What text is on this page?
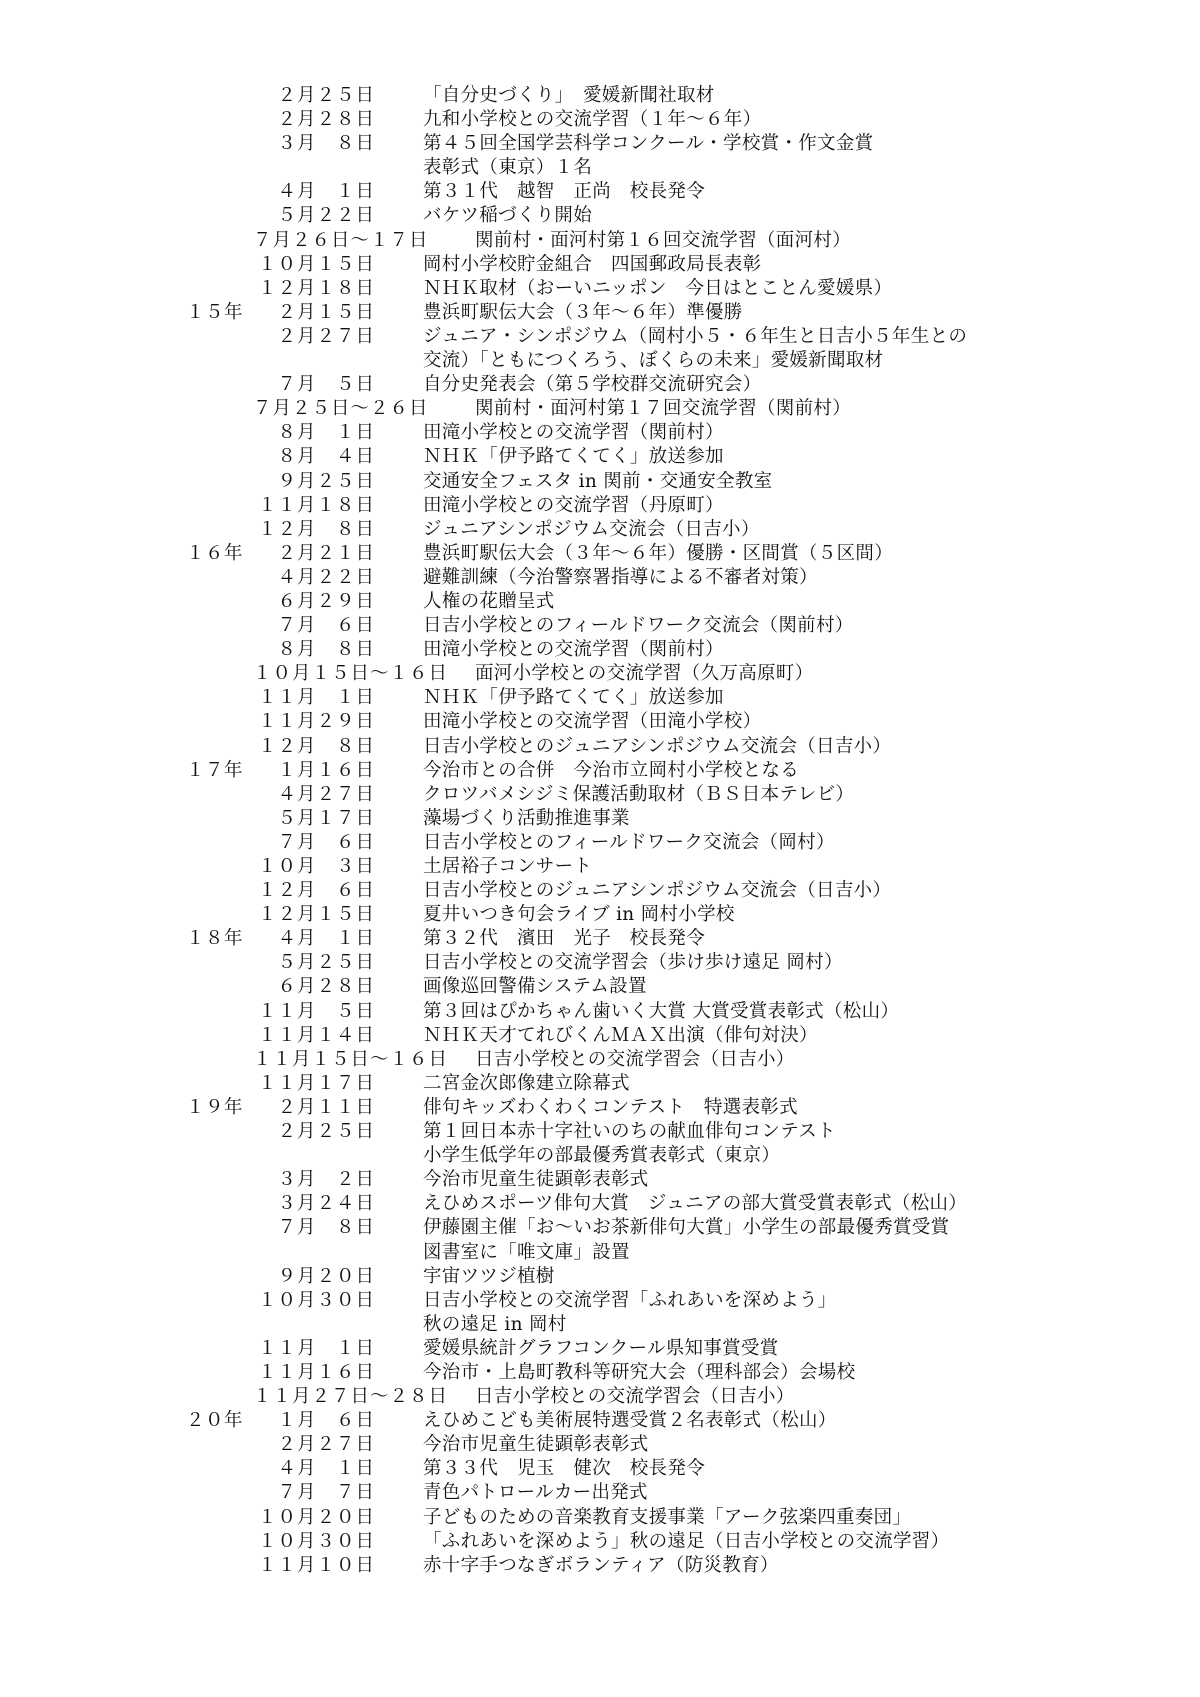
２月２５日	「自分史づくり」　愛媛新聞社取材
２月２８日	九和小学校との交流学習（１年～６年）
３月　８日	第４５回全国学芸科学コンクール・学校賞・作文金賞
表彰式（東京）１名
４月　１日	第３１代　越智　正尚　校長発令
５月２２日	バケツ稲づくり開始
７月２６日～１７日	関前村・面河村第１６回交流学習（面河村）
１０月１５日	岡村小学校貯金組合　四国郵政局長表彰
１２月１８日	ＮＨＫ取材（おーいニッポン　今日はとことん愛媛県）
１５年	２月１５日	豊浜町駅伝大会（３年～６年）準優勝
２月２７日	ジュニア・シンポジウム（岡村小５・６年生と日吉小５年生との
交流）「ともにつくろう、ぼくらの未来」愛媛新聞取材
７月　５日	自分史発表会（第５学校群交流研究会）
７月２５日～２６日	関前村・面河村第１７回交流学習（関前村）
８月　１日	田滝小学校との交流学習（関前村）
８月　４日	ＮＨＫ「伊予路てくてく」放送参加
９月２５日	交通安全フェスタ in 関前・交通安全教室
１１月１８日	田滝小学校との交流学習（丹原町）
１２月　８日	ジュニアシンポジウム交流会（日吉小）
１６年	２月２１日	豊浜町駅伝大会（３年～６年）優勝・区間賞（５区間）
４月２２日	避難訓練（今治警察署指導による不審者対策）
６月２９日	人権の花贈呈式
７月　６日	日吉小学校とのフィールドワーク交流会（関前村）
８月　８日	田滝小学校との交流学習（関前村）
１０月１５日～１６日 面河小学校との交流学習（久万高原町）
１１月　１日	ＮＨＫ「伊予路てくてく」放送参加
１１月２９日	田滝小学校との交流学習（田滝小学校）
１２月　８日	日吉小学校とのジュニアシンポジウム交流会（日吉小）
１７年	１月１６日	今治市との合併　今治市立岡村小学校となる
４月２７日	クロツバメシジミ保護活動取材（ＢＳ日本テレビ）
５月１７日	藻場づくり活動推進事業
７月　６日	日吉小学校とのフィールドワーク交流会（岡村）
１０月　３日	土居裕子コンサート
１２月　６日	日吉小学校とのジュニアシンポジウム交流会（日吉小）
１２月１５日	夏井いつき句会ライブ in 岡村小学校
１８年	４月　１日	第３２代　濱田　光子　校長発令
５月２５日	日吉小学校との交流学習会（歩け歩け遠足 岡村）
６月２８日	画像巡回警備システム設置
１１月　５日	第３回はぴかちゃん歯いく大賞 大賞受賞表彰式（松山）
１１月１４日	ＮＨＫ天才てれびくんＭＡＸ出演（俳句対決）
１１月１５日～１６日 日吉小学校との交流学習会（日吉小）
１１月１７日	二宮金次郎像建立除幕式
１９年	２月１１日	俳句キッズわくわくコンテスト　特選表彰式
２月２５日	第１回日本赤十字社いのちの献血俳句コンテスト
小学生低学年の部最優秀賞表彰式（東京）
３月　２日	今治市児童生徒顕彰表彰式
３月２４日	えひめスポーツ俳句大賞　ジュニアの部大賞受賞表彰式（松山）
７月　８日	伊藤園主催「お～いお茶新俳句大賞」小学生の部最優秀賞受賞
図書室に「唯文庫」設置
９月２０日	宇宙ツツジ植樹
１０月３０日	日吉小学校との交流学習「ふれあいを深めよう」
秋の遠足 in 岡村
１１月　１日	愛媛県統計グラフコンクール県知事賞受賞
１１月１６日	今治市・上島町教科等研究大会（理科部会）会場校
１１月２７日～２８日 日吉小学校との交流学習会（日吉小）
２０年	１月　６日	えひめこども美術展特選受賞２名表彰式（松山）
２月２７日	今治市児童生徒顕彰表彰式
４月　１日	第３３代　児玉　健次　校長発令
７月　７日	青色パトロールカー出発式
１０月２０日	子どものための音楽教育支援事業「アーク弦楽四重奏団」
１０月３０日	「ふれあいを深めよう」秋の遠足（日吉小学校との交流学習）
１１月１０日	赤十字手つなぎボランティア（防災教育）
